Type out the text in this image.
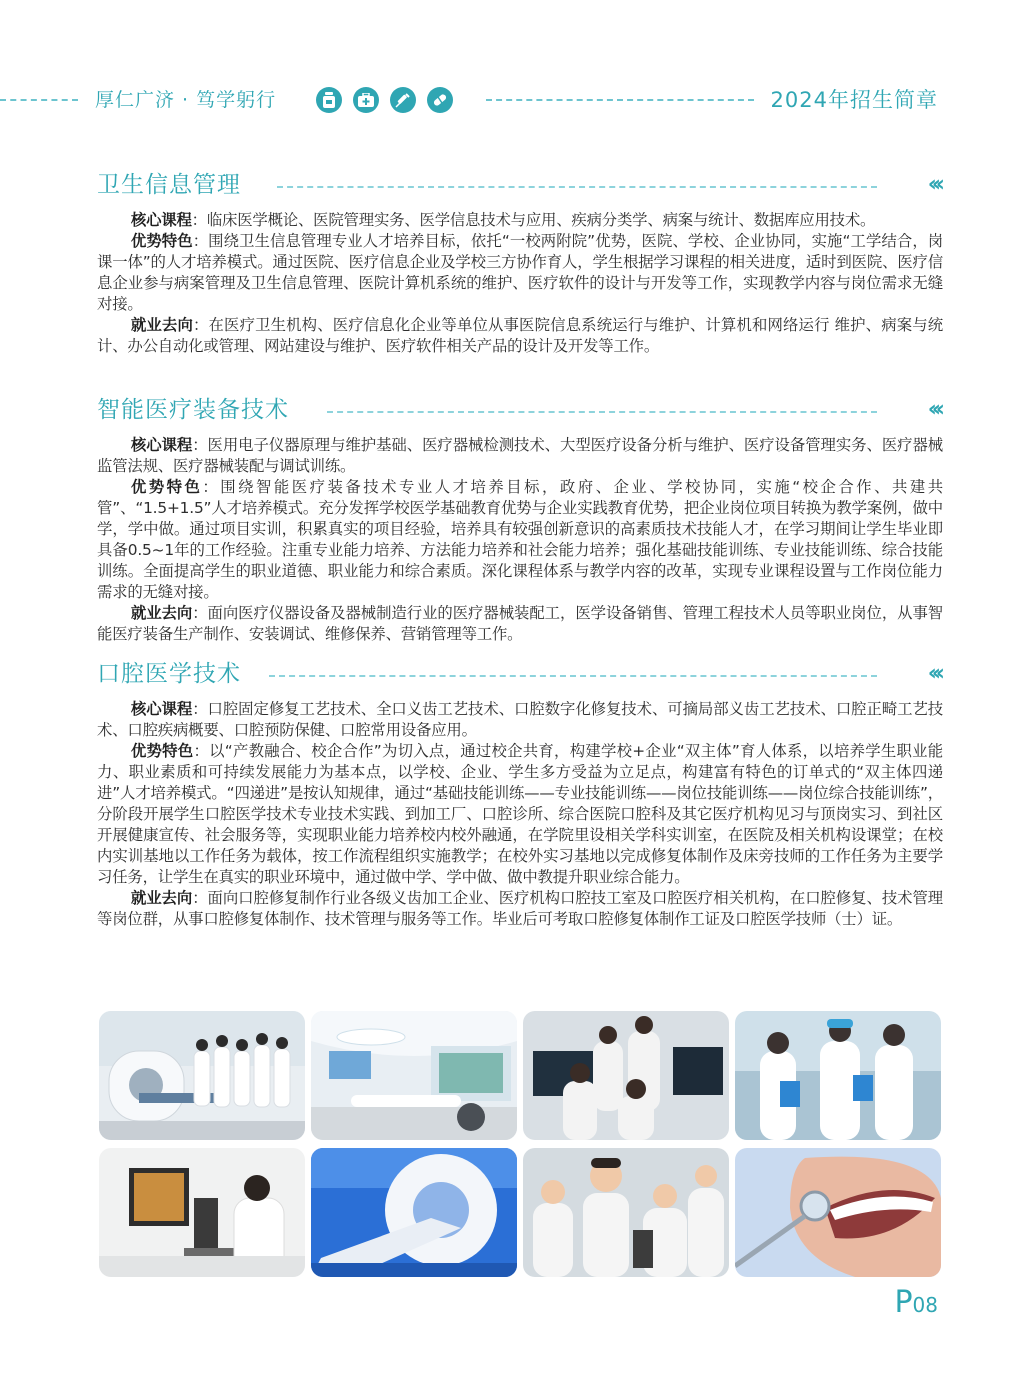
厚仁广济 · 笃学躬行	2024年招生简章
卫生信息管理	‹‹‹

核心课程：临床医学概论、医院管理实务、医学信息技术与应用、疾病分类学、病案与统计、数据库应用技术。

优势特色：围绕卫生信息管理专业人才培养目标，依托“一校两附院”优势，医院、学校、企业协同，实施“工学结合，岗课一体”的人才培养模式。通过医院、医疗信息企业及学校三方协作育人，学生根据学习课程的相关进度，适时到医院、医疗信息企业参与病案管理及卫生信息管理、医院计算机系统的维护、医疗软件的设计与开发等工作，实现教学内容与岗位需求无缝对接。

就业去向：在医疗卫生机构、医疗信息化企业等单位从事医院信息系统运行与维护、计算机和网络运行 维护、病案与统计、办公自动化或管理、网站建设与维护、医疗软件相关产品的设计及开发等工作。

智能医疗装备技术	‹‹‹

核心课程：医用电子仪器原理与维护基础、医疗器械检测技术、大型医疗设备分析与维护、医疗设备管理实务、医疗器械监管法规、医疗器械装配与调试训练。

优势特色：围绕智能医疗装备技术专业人才培养目标，政府、企业、学校协同，实施“校企合作、共建共管”、“1.5+1.5”人才培养模式。充分发挥学校医学基础教育优势与企业实践教育优势，把企业岗位项目转换为教学案例，做中学，学中做。通过项目实训，积累真实的项目经验，培养具有较强创新意识的高素质技术技能人才，在学习期间让学生毕业即具备0.5~1年的工作经验。注重专业能力培养、方法能力培养和社会能力培养；强化基础技能训练、专业技能训练、综合技能训练。全面提高学生的职业道德、职业能力和综合素质。深化课程体系与教学内容的改革，实现专业课程设置与工作岗位能力需求的无缝对接。

就业去向：面向医疗仪器设备及器械制造行业的医疗器械装配工，医学设备销售、管理工程技术人员等职业岗位，从事智能医疗装备生产制作、安装调试、维修保养、营销管理等工作。

口腔医学技术	‹‹‹

核心课程：口腔固定修复工艺技术、全口义齿工艺技术、口腔数字化修复技术、可摘局部义齿工艺技术、口腔正畸工艺技术、口腔疾病概要、口腔预防保健、口腔常用设备应用。

优势特色：以“产教融合、校企合作”为切入点，通过校企共育，构建学校+企业“双主体”育人体系，以培养学生职业能力、职业素质和可持续发展能力为基本点，以学校、企业、学生多方受益为立足点，构建富有特色的订单式的“双主体四递进”人才培养模式。“四递进”是按认知规律，通过“基础技能训练——专业技能训练——岗位技能训练——岗位综合技能训练”，分阶段开展学生口腔医学技术专业技术实践、到加工厂、口腔诊所、综合医院口腔科及其它医疗机构见习与顶岗实习、到社区开展健康宣传、社会服务等，实现职业能力培养校内校外融通，在学院里设相关学科实训室，在医院及相关机构设课堂；在校内实训基地以工作任务为载体，按工作流程组织实施教学；在校外实习基地以完成修复体制作及床旁技师的工作任务为主要学习任务，让学生在真实的职业环境中，通过做中学、学中做、做中教提升职业综合能力。

就业去向：面向口腔修复制作行业各级义齿加工企业、医疗机构口腔技工室及口腔医疗相关机构，在口腔修复、技术管理等岗位群，从事口腔修复体制作、技术管理与服务等工作。毕业后可考取口腔修复体制作工证及口腔医学技师（士）证。

P08
